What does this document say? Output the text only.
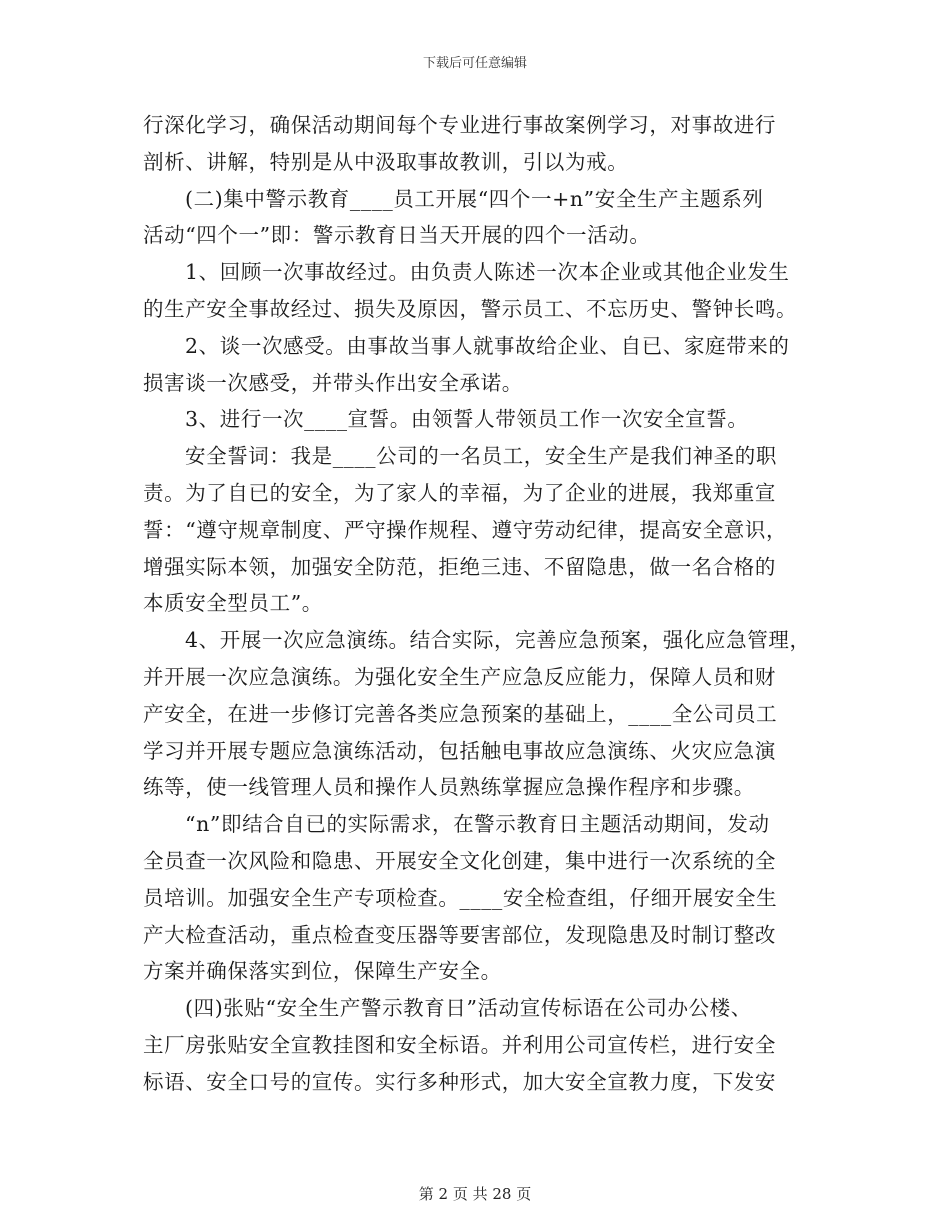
下载后可任意编辑

行深化学习，确保活动期间每个专业进行事故案例学习，对事故进行

剖析、讲解，特别是从中汲取事故教训，引以为戒。

(二)集中警示教育____员工开展“四个一+n”安全生产主题系列

活动“四个一”即：警示教育日当天开展的四个一活动。

1、回顾一次事故经过。由负责人陈述一次本企业或其他企业发生

的生产安全事故经过、损失及原因，警示员工、不忘历史、警钟长鸣。

2、谈一次感受。由事故当事人就事故给企业、自已、家庭带来的

损害谈一次感受，并带头作出安全承诺。

3、进行一次____宣誓。由领誓人带领员工作一次安全宣誓。

安全誓词：我是____公司的一名员工，安全生产是我们神圣的职

责。为了自已的安全，为了家人的幸福，为了企业的进展，我郑重宣

誓：“遵守规章制度、严守操作规程、遵守劳动纪律，提高安全意识，

增强实际本领，加强安全防范，拒绝三违、不留隐患，做一名合格的

本质安全型员工”。

4、开展一次应急演练。结合实际，完善应急预案，强化应急管理，

并开展一次应急演练。为强化安全生产应急反应能力，保障人员和财

产安全，在进一步修订完善各类应急预案的基础上，____全公司员工

学习并开展专题应急演练活动，包括触电事故应急演练、火灾应急演

练等，使一线管理人员和操作人员熟练掌握应急操作程序和步骤。

“n”即结合自已的实际需求，在警示教育日主题活动期间，发动

全员查一次风险和隐患、开展安全文化创建，集中进行一次系统的全

员培训。加强安全生产专项检查。____安全检查组，仔细开展安全生

产大检查活动，重点检查变压器等要害部位，发现隐患及时制订整改

方案并确保落实到位，保障生产安全。

(四)张贴“安全生产警示教育日”活动宣传标语在公司办公楼、

主厂房张贴安全宣教挂图和安全标语。并利用公司宣传栏，进行安全

标语、安全口号的宣传。实行多种形式，加大安全宣教力度，下发安

第 2 页 共 28 页
